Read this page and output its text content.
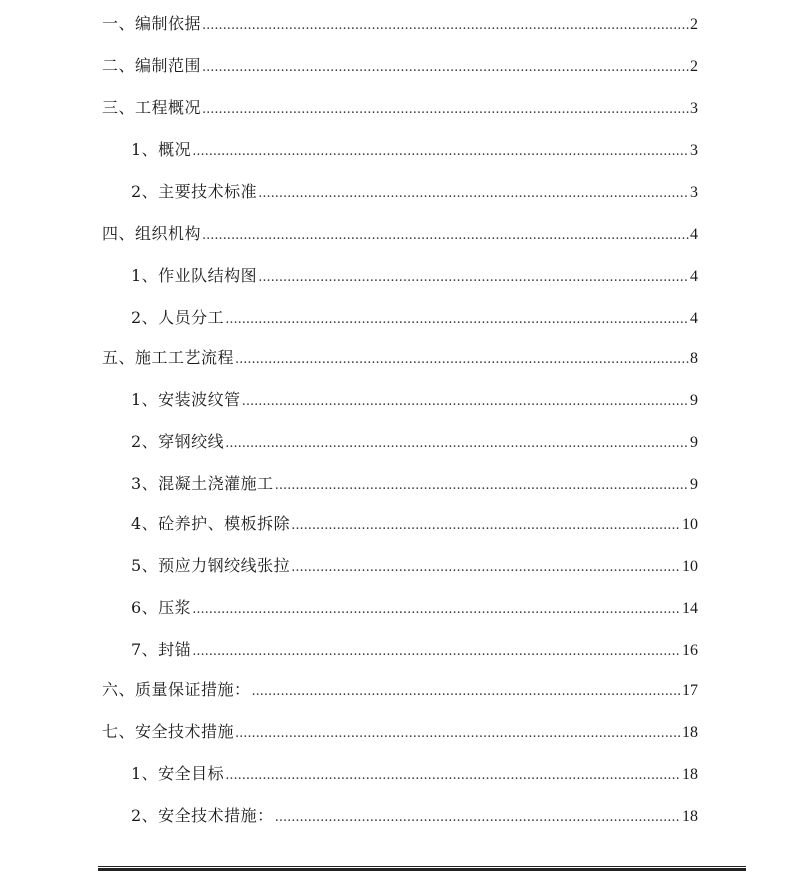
一、编制依据 .....	2
二、编制范围 .....	2
三、工程概况 .....	3
1、概况 .....	3
2、主要技术标准 .....	3
四、组织机构 .....	4
1、作业队结构图 .....	4
2、人员分工 .....	4
五、施工工艺流程 .....	8
1、安装波纹管 .....	9
2、穿钢绞线 .....	9
3、混凝土浇灌施工 .....	9
4、砼养护、模板拆除 .....	10
5、预应力钢绞线张拉 .....	10
6、压浆 .....	14
7、封锚 .....	16
六、质量保证措施： .....	17
七、安全技术措施 .....	18
1、安全目标 .....	18
2、安全技术措施： .....	18
